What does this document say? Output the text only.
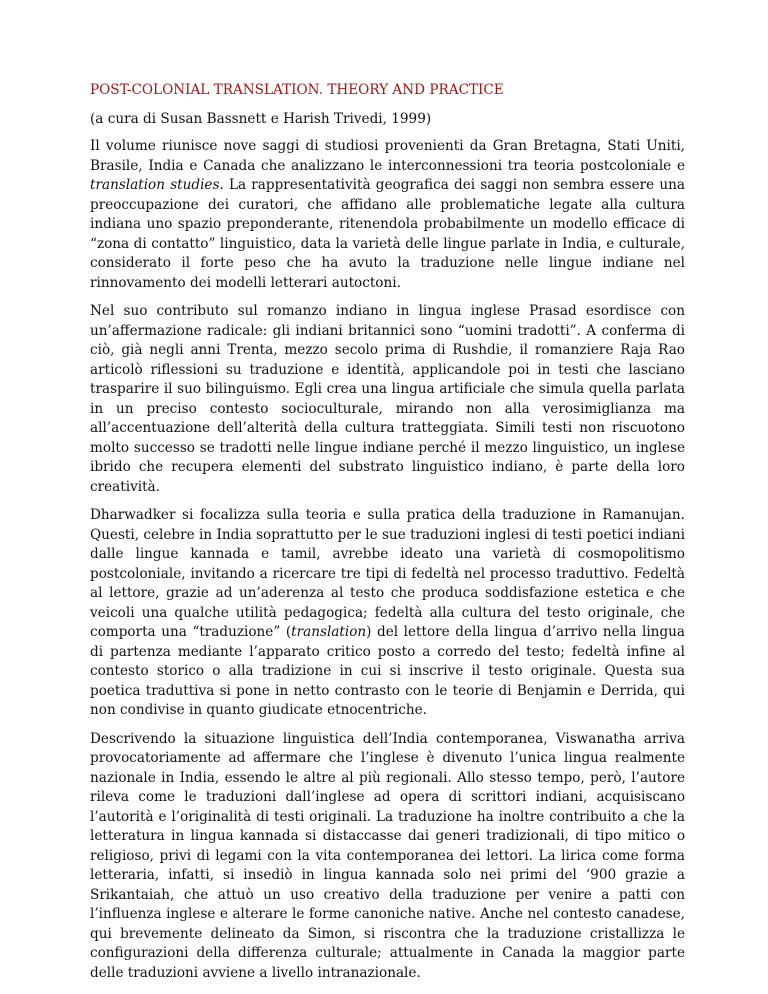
POST-COLONIAL TRANSLATION. THEORY AND PRACTICE

(a cura di Susan Bassnett e Harish Trivedi, 1999)

Il volume riunisce nove saggi di studiosi provenienti da Gran Bretagna, Stati Uniti, Brasile, India e Canada che analizzano le interconnessioni tra teoria postcoloniale e translation studies. La rappresentatività geografica dei saggi non sembra essere una preoccupazione dei curatori, che affidano alle problematiche legate alla cultura indiana uno spazio preponderante, ritenendola probabilmente un modello efficace di “zona di contatto” linguistico, data la varietà delle lingue parlate in India, e culturale, considerato il forte peso che ha avuto la traduzione nelle lingue indiane nel rinnovamento dei modelli letterari autoctoni.

Nel suo contributo sul romanzo indiano in lingua inglese Prasad esordisce con un’affermazione radicale: gli indiani britannici sono “uomini tradotti”. A conferma di ciò, già negli anni Trenta, mezzo secolo prima di Rushdie, il romanziere Raja Rao articolò riflessioni su traduzione e identità, applicandole poi in testi che lasciano trasparire il suo bilinguismo. Egli crea una lingua artificiale che simula quella parlata in un preciso contesto socioculturale, mirando non alla verosimiglianza ma all’accentuazione dell’alterità della cultura tratteggiata. Simili testi non riscuotono molto successo se tradotti nelle lingue indiane perché il mezzo linguistico, un inglese ibrido che recupera elementi del substrato linguistico indiano, è parte della loro creatività.

Dharwadker si focalizza sulla teoria e sulla pratica della traduzione in Ramanujan. Questi, celebre in India soprattutto per le sue traduzioni inglesi di testi poetici indiani dalle lingue kannada e tamil, avrebbe ideato una varietà di cosmopolitismo postcoloniale, invitando a ricercare tre tipi di fedeltà nel processo traduttivo. Fedeltà al lettore, grazie ad un’aderenza al testo che produca soddisfazione estetica e che veicoli una qualche utilità pedagogica; fedeltà alla cultura del testo originale, che comporta una “traduzione” (translation) del lettore della lingua d’arrivo nella lingua di partenza mediante l’apparato critico posto a corredo del testo; fedeltà infine al contesto storico o alla tradizione in cui si inscrive il testo originale. Questa sua poetica traduttiva si pone in netto contrasto con le teorie di Benjamin e Derrida, qui non condivise in quanto giudicate etnocentriche.

Descrivendo la situazione linguistica dell’India contemporanea, Viswanatha arriva provocatoriamente ad affermare che l’inglese è divenuto l’unica lingua realmente nazionale in India, essendo le altre al più regionali. Allo stesso tempo, però, l’autore rileva come le traduzioni dall’inglese ad opera di scrittori indiani, acquisiscano l’autorità e l’originalità di testi originali. La traduzione ha inoltre contribuito a che la letteratura in lingua kannada si distaccasse dai generi tradizionali, di tipo mitico o religioso, privi di legami con la vita contemporanea dei lettori. La lirica come forma letteraria, infatti, si insediò in lingua kannada solo nei primi del ‘900 grazie a Srikantaiah, che attuò un uso creativo della traduzione per venire a patti con l’influenza inglese e alterare le forme canoniche native. Anche nel contesto canadese, qui brevemente delineato da Simon, si riscontra che la traduzione cristallizza le configurazioni della differenza culturale; attualmente in Canada la maggior parte delle traduzioni avviene a livello intranazionale.
